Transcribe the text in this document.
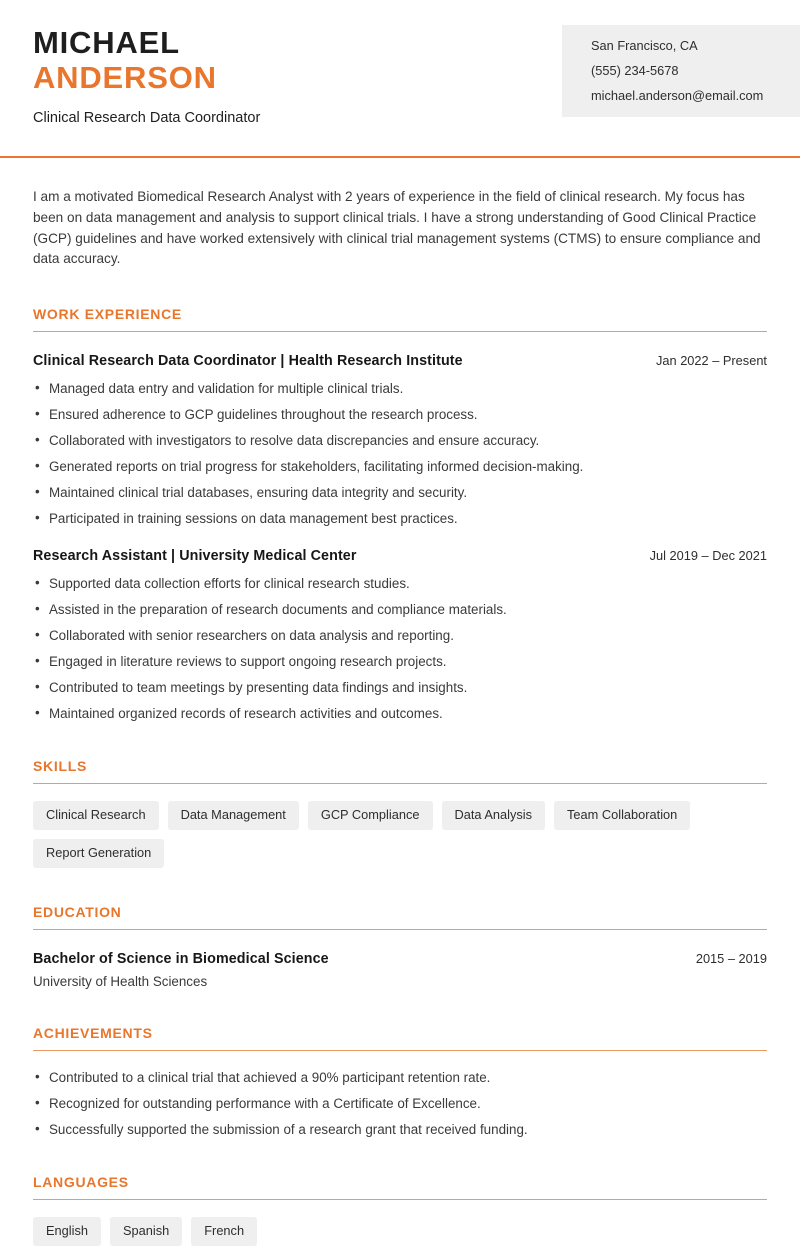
MICHAEL
ANDERSON
Clinical Research Data Coordinator
San Francisco, CA
(555) 234-5678
michael.anderson@email.com
I am a motivated Biomedical Research Analyst with 2 years of experience in the field of clinical research. My focus has been on data management and analysis to support clinical trials. I have a strong understanding of Good Clinical Practice (GCP) guidelines and have worked extensively with clinical trial management systems (CTMS) to ensure compliance and data accuracy.
WORK EXPERIENCE
Clinical Research Data Coordinator | Health Research Institute	Jan 2022 – Present
• Managed data entry and validation for multiple clinical trials.
• Ensured adherence to GCP guidelines throughout the research process.
• Collaborated with investigators to resolve data discrepancies and ensure accuracy.
• Generated reports on trial progress for stakeholders, facilitating informed decision-making.
• Maintained clinical trial databases, ensuring data integrity and security.
• Participated in training sessions on data management best practices.
Research Assistant | University Medical Center	Jul 2019 – Dec 2021
• Supported data collection efforts for clinical research studies.
• Assisted in the preparation of research documents and compliance materials.
• Collaborated with senior researchers on data analysis and reporting.
• Engaged in literature reviews to support ongoing research projects.
• Contributed to team meetings by presenting data findings and insights.
• Maintained organized records of research activities and outcomes.
SKILLS
Clinical Research	Data Management	GCP Compliance	Data Analysis	Team Collaboration
Report Generation
EDUCATION
Bachelor of Science in Biomedical Science	2015 – 2019
University of Health Sciences
ACHIEVEMENTS
• Contributed to a clinical trial that achieved a 90% participant retention rate.
• Recognized for outstanding performance with a Certificate of Excellence.
• Successfully supported the submission of a research grant that received funding.
LANGUAGES
English	Spanish	French
